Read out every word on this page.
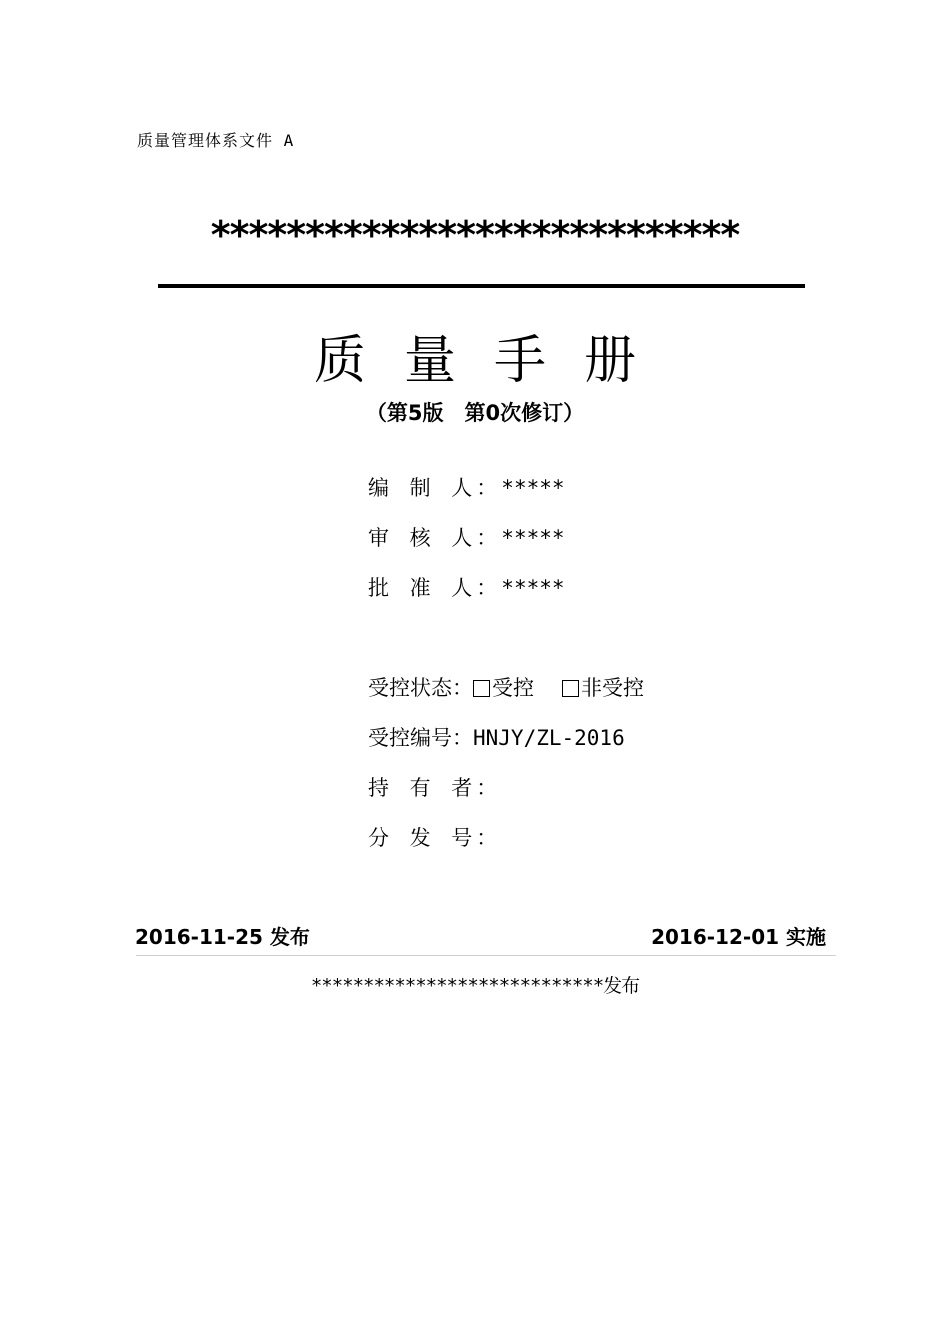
质量管理体系文件 A
****************************
质量手册
（第5版　第0次修订）
编 制 人：*****
审 核 人：*****
批 准 人：*****
受控状态： 受控 非受控
受控编号：HNJY/ZL-2016
持 有 者：
分 发 号：
2016-11-25 发布	2016-12-01 实施
****************************发布
